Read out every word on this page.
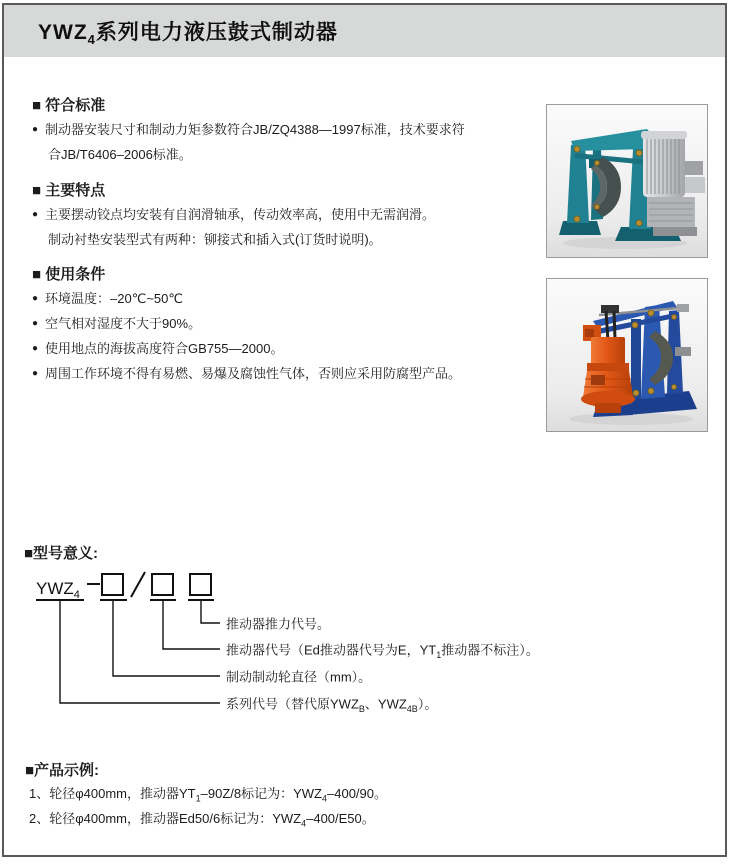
$YWZ_4$系列电力液压鼓式制动器
■ 符合标准
● 制动器安装尺寸和制动力矩参数符合JB/ZQ4388—1997标准，技术要求符
合JB/T6406–2006标准。
■ 主要特点
● 主要摆动铰点均安装有自润滑轴承，传动效率高，使用中无需润滑。
制动衬垫安装型式有两种：铆接式和插入式(订货时说明)。
■ 使用条件
● 环境温度：–20℃~50℃
● 空气相对湿度不大于90%。
● 使用地点的海拔高度符合GB755—2000。
● 周围工作环境不得有易燃、易爆及腐蚀性气体，否则应采用防腐型产品。
■型号意义:
$YWZ_4$
推动器推力代号。
推动器代号（Ed推动器代号为E，$YT_1$推动器不标注）。
制动制动轮直径（mm）。
系列代号（替代原$YWZ_B$、$YWZ_{4B}$）。
■产品示例:
1、轮径φ400mm，推动器$YT_1-90Z/8$标记为：$YWZ_4-400/90$。
2、轮径φ400mm，推动器Ed50/6标记为：$YWZ_4-400/E50$。
